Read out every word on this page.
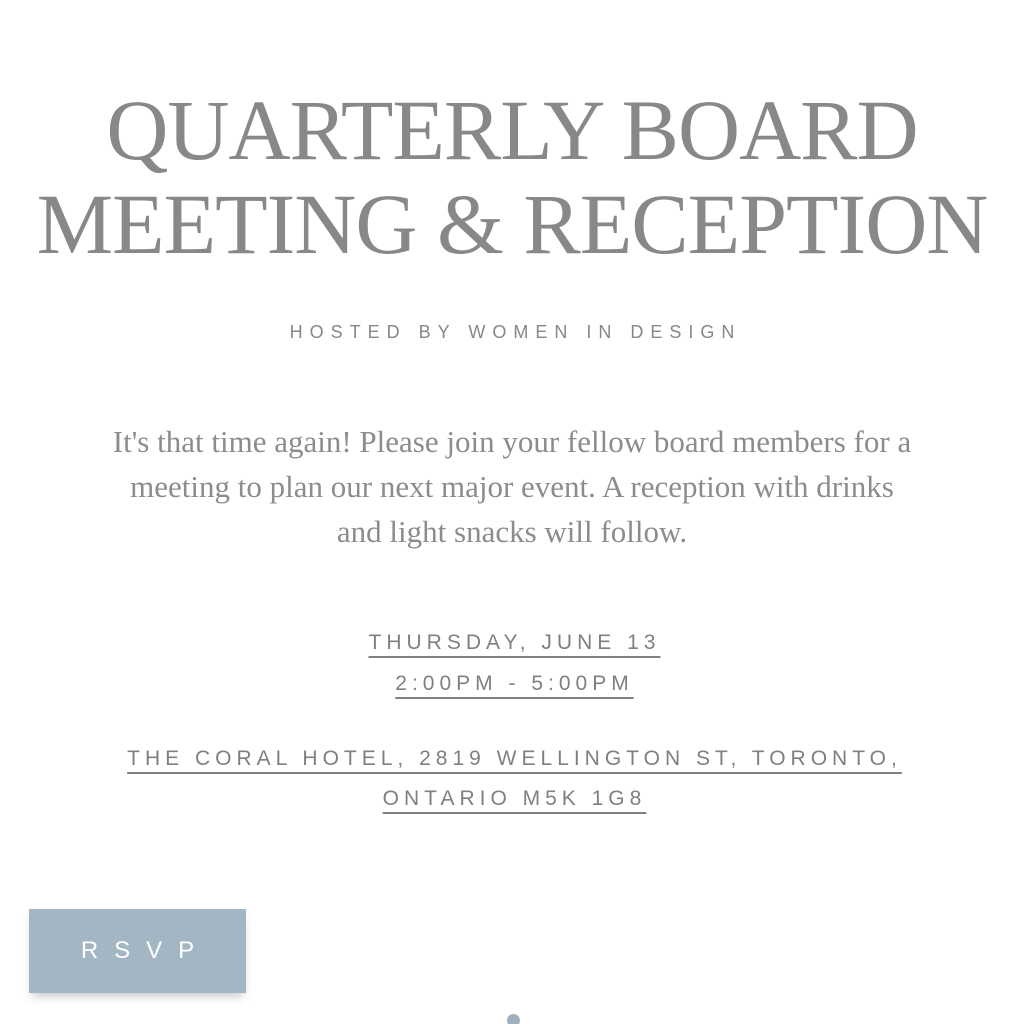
QUARTERLY BOARD
MEETING & RECEPTION
HOSTED BY WOMEN IN DESIGN
It's that time again! Please join your fellow board members for a
meeting to plan our next major event. A reception with drinks
and light snacks will follow.
THURSDAY, JUNE 13
2:00PM - 5:00PM
THE CORAL HOTEL, 2819 WELLINGTON ST, TORONTO,
ONTARIO M5K 1G8
RSVP
